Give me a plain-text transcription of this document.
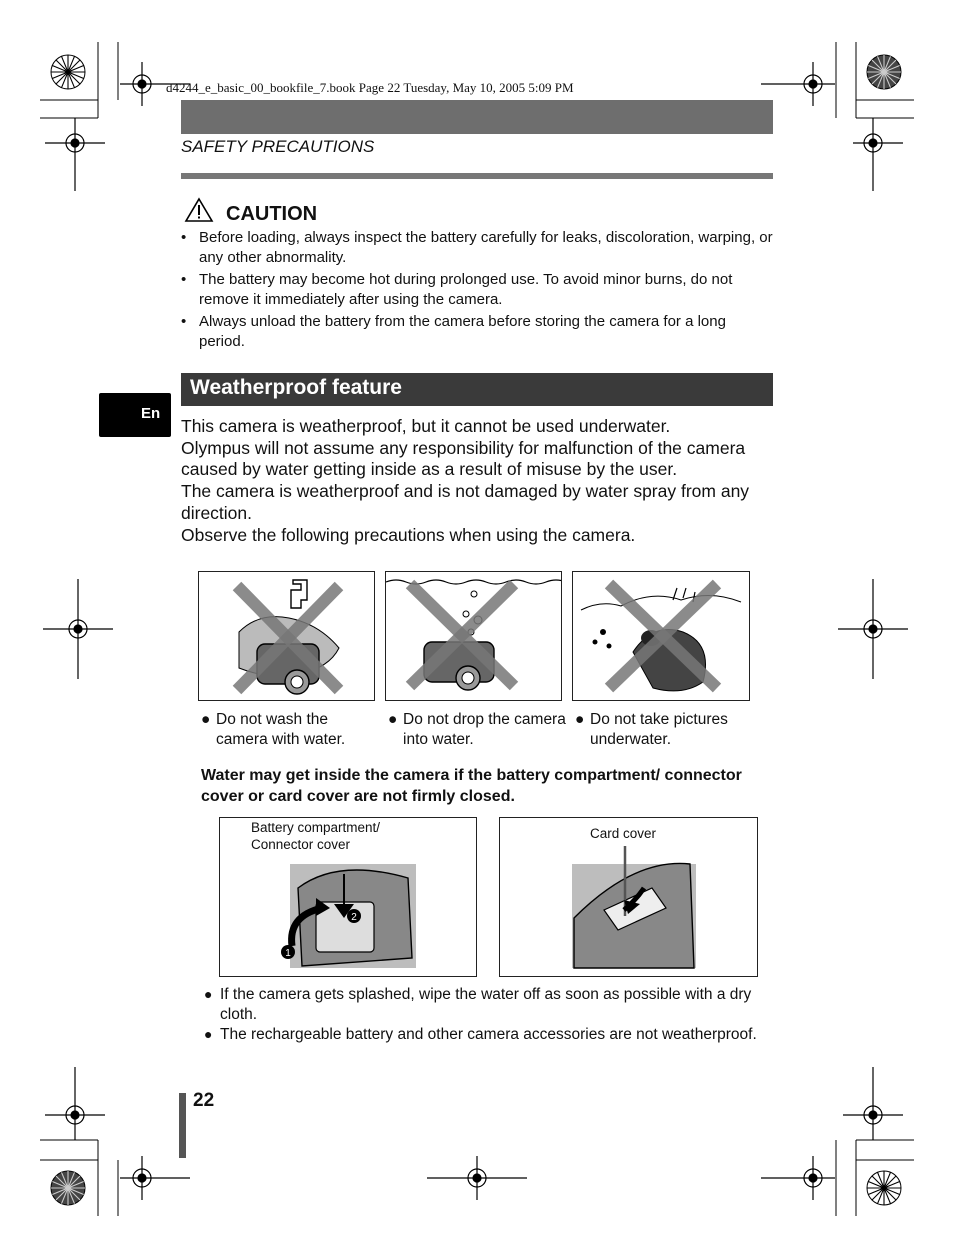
d4244_e_basic_00_bookfile_7.book Page 22 Tuesday, May 10, 2005 5:09 PM
SAFETY PRECAUTIONS
CAUTION
• Before loading, always inspect the battery carefully for leaks, discoloration, warping, or any other abnormality.
• The battery may become hot during prolonged use. To avoid minor burns, do not remove it immediately after using the camera.
• Always unload the battery from the camera before storing the camera for a long period.
Weatherproof feature
En

This camera is weatherproof, but it cannot be used underwater.

Olympus will not assume any responsibility for malfunction of the camera caused by water getting inside as a result of misuse by the user.

The camera is weatherproof and is not damaged by water spray from any direction.

Observe the following precautions when using the camera.

● Do not wash the camera with water.
● Do not drop the camera into water.
● Do not take pictures underwater.
Water may get inside the camera if the battery compartment/ connector cover or card cover are not firmly closed.
2
1
Battery compartment/
Connector cover
Card cover
● If the camera gets splashed, wipe the water off as soon as possible with a dry cloth.
● The rechargeable battery and other camera accessories are not weatherproof.
22
